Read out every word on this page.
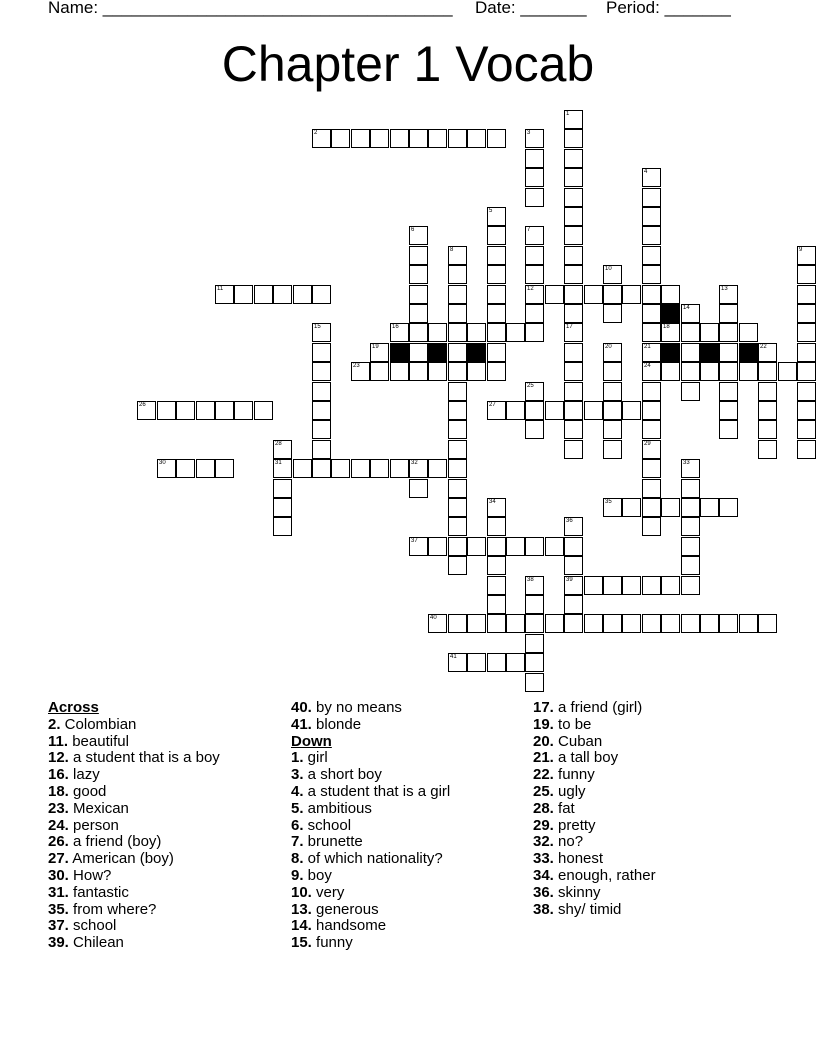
Name: _____________________________________

Date: _______

Period: _______

Chapter 1 Vocab
2
11	12
16	18
19	21
23	24
26	27
30	31	32
35
37
39
40
41
1
17
3
4
29
5
6	7
8	9
10
13
14
15
20	22
25
28
33
34
36
38
Across
2. Colombian
11. beautiful
12. a student that is a boy
16. lazy
18. good
23. Mexican
24. person
26. a friend (boy)
27. American (boy)
30. How?
31. fantastic
35. from where?
37. school
39. Chilean
40. by no means
41. blonde
Down
1. girl
3. a short boy
4. a student that is a girl
5. ambitious
6. school
7. brunette
8. of which nationality?
9. boy
10. very
13. generous
14. handsome
15. funny
17. a friend (girl)
19. to be
20. Cuban
21. a tall boy
22. funny
25. ugly
28. fat
29. pretty
32. no?
33. honest
34. enough, rather
36. skinny
38. shy/ timid
